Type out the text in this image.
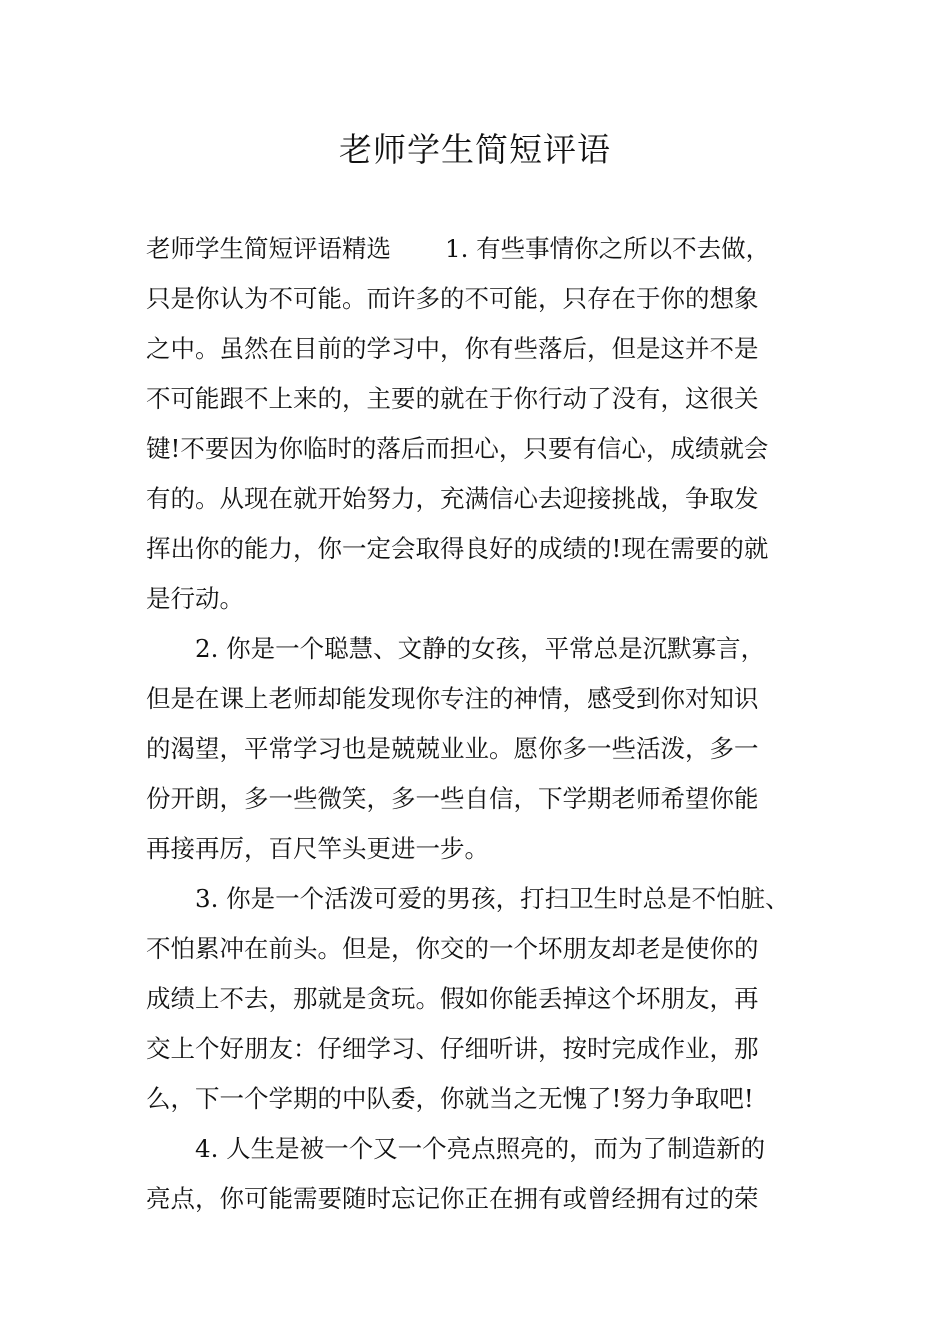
老师学生简短评语
老师学生简短评语精选 1. 有些事情你之所以不去做，
只是你认为不可能。而许多的不可能，只存在于你的想象
之中。虽然在目前的学习中，你有些落后，但是这并不是
不可能跟不上来的，主要的就在于你行动了没有，这很关
键!不要因为你临时的落后而担心，只要有信心，成绩就会
有的。从现在就开始努力，充满信心去迎接挑战，争取发
挥出你的能力，你一定会取得良好的成绩的!现在需要的就
是行动。
　　2. 你是一个聪慧、文静的女孩，平常总是沉默寡言，
但是在课上老师却能发现你专注的神情，感受到你对知识
的渴望，平常学习也是兢兢业业。愿你多一些活泼，多一
份开朗，多一些微笑，多一些自信，下学期老师希望你能
再接再厉，百尺竿头更进一步。
　　3. 你是一个活泼可爱的男孩，打扫卫生时总是不怕脏、
不怕累冲在前头。但是，你交的一个坏朋友却老是使你的
成绩上不去，那就是贪玩。假如你能丢掉这个坏朋友，再
交上个好朋友：仔细学习、仔细听讲，按时完成作业，那
么，下一个学期的中队委，你就当之无愧了!努力争取吧!
　　4. 人生是被一个又一个亮点照亮的，而为了制造新的
亮点，你可能需要随时忘记你正在拥有或曾经拥有过的荣
